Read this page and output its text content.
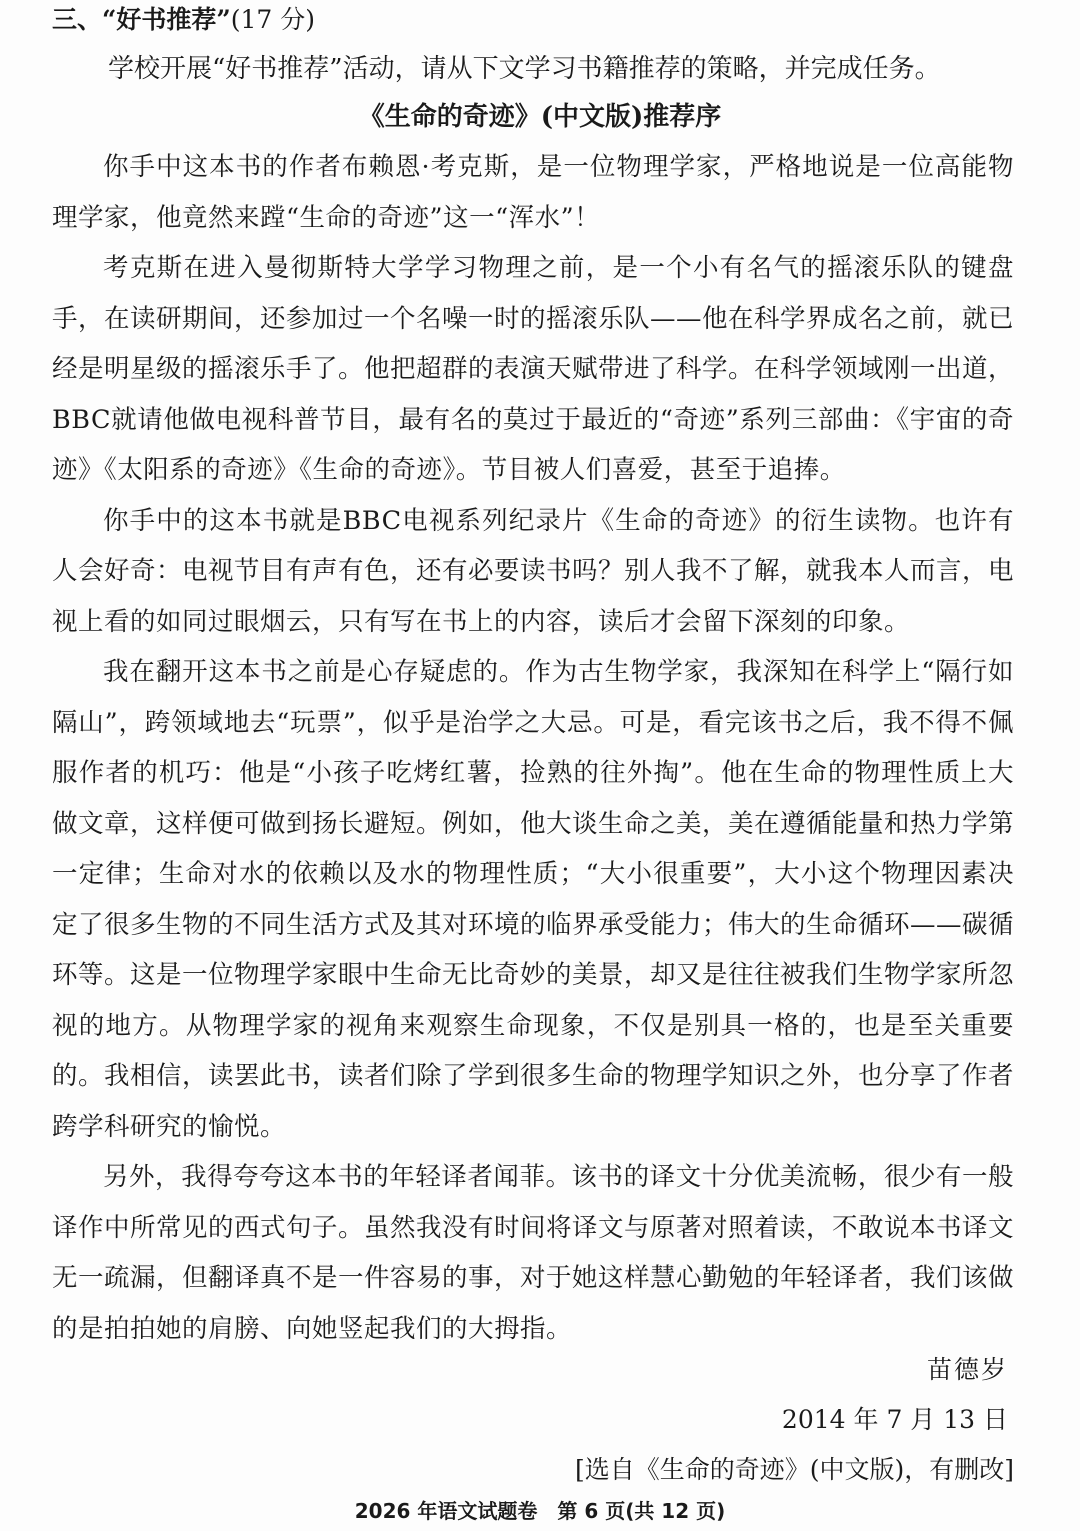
三、“好书推荐”(17 分)
学校开展“好书推荐”活动，请从下文学习书籍推荐的策略，并完成任务。
《生命的奇迹》(中文版)推荐序

你手中这本书的作者布赖恩·考克斯，是一位物理学家，严格地说是一位高能物理学家，他竟然来蹚“生命的奇迹”这一“浑水”！

考克斯在进入曼彻斯特大学学习物理之前，是一个小有名气的摇滚乐队的键盘手，在读研期间，还参加过一个名噪一时的摇滚乐队——他在科学界成名之前，就已经是明星级的摇滚乐手了。他把超群的表演天赋带进了科学。在科学领域刚一出道，BBC就请他做电视科普节目，最有名的莫过于最近的“奇迹”系列三部曲：《宇宙的奇迹》《太阳系的奇迹》《生命的奇迹》。节目被人们喜爱，甚至于追捧。

你手中的这本书就是BBC电视系列纪录片《生命的奇迹》的衍生读物。也许有人会好奇：电视节目有声有色，还有必要读书吗？别人我不了解，就我本人而言，电视上看的如同过眼烟云，只有写在书上的内容，读后才会留下深刻的印象。

我在翻开这本书之前是心存疑虑的。作为古生物学家，我深知在科学上“隔行如隔山”，跨领域地去“玩票”，似乎是治学之大忌。可是，看完该书之后，我不得不佩服作者的机巧：他是“小孩子吃烤红薯，捡熟的往外掏”。他在生命的物理性质上大做文章，这样便可做到扬长避短。例如，他大谈生命之美，美在遵循能量和热力学第一定律；生命对水的依赖以及水的物理性质；“大小很重要”，大小这个物理因素决定了很多生物的不同生活方式及其对环境的临界承受能力；伟大的生命循环——碳循环等。这是一位物理学家眼中生命无比奇妙的美景，却又是往往被我们生物学家所忽视的地方。从物理学家的视角来观察生命现象，不仅是别具一格的，也是至关重要的。我相信，读罢此书，读者们除了学到很多生命的物理学知识之外，也分享了作者跨学科研究的愉悦。

另外，我得夸夸这本书的年轻译者闻菲。该书的译文十分优美流畅，很少有一般译作中所常见的西式句子。虽然我没有时间将译文与原著对照着读，不敢说本书译文无一疏漏，但翻译真不是一件容易的事，对于她这样慧心勤勉的年轻译者，我们该做的是拍拍她的肩膀、向她竖起我们的大拇指。

苗德岁
2014 年 7 月 13 日
[选自《生命的奇迹》(中文版)，有删改]
2026 年语文试题卷　第 6 页(共 12 页)
